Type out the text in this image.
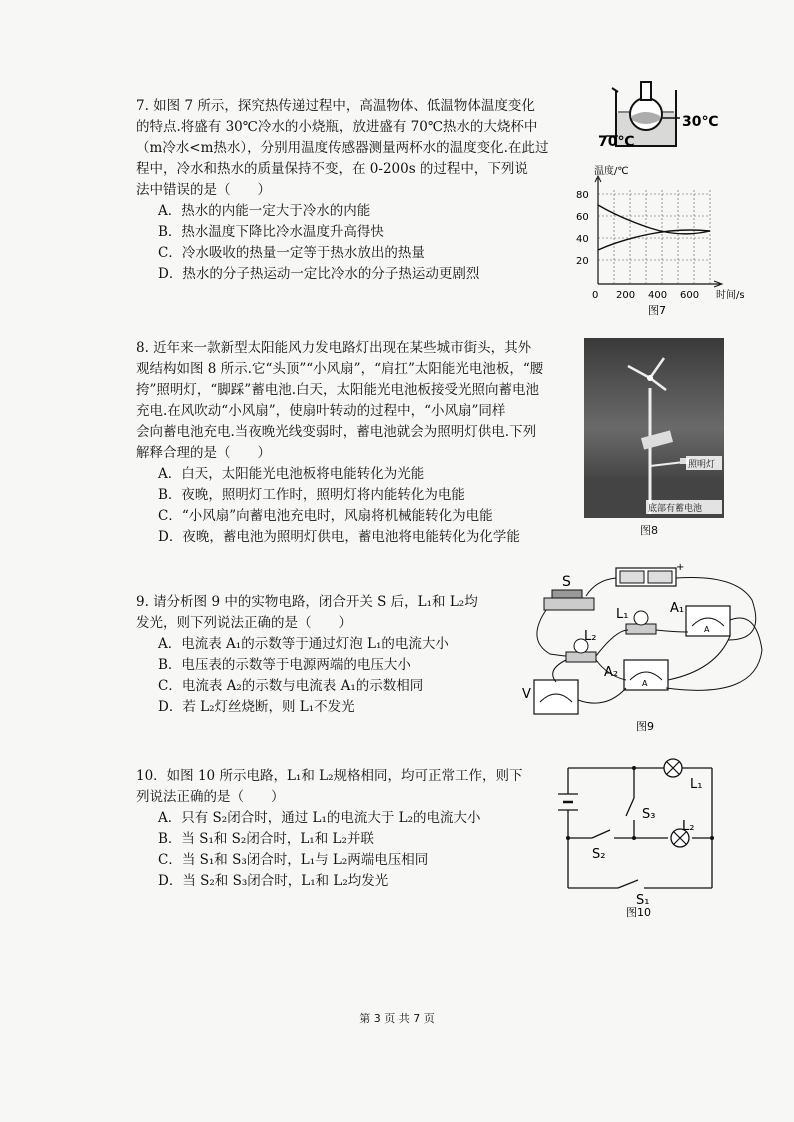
7. 如图 7 所示，探究热传递过程中，高温物体、低温物体温度变化
的特点.将盛有 30℃冷水的小烧瓶，放进盛有 70℃热水的大烧杯中
（m冷水<m热水），分别用温度传感器测量两杯水的温度变化.在此过
程中，冷水和热水的质量保持不变，在 0-200s 的过程中，下列说
法中错误的是（　　）
A．热水的内能一定大于冷水的内能
B．热水温度下降比冷水温度升高得快
C．冷水吸收的热量一定等于热水放出的热量
D．热水的分子热运动一定比冷水的分子热运动更剧烈
70℃
30℃
温度/℃
80
60
40
20
0 200 400 600 时间/s
图7
8. 近年来一款新型太阳能风力发电路灯出现在某些城市街头，其外
观结构如图 8 所示.它“头顶”“小风扇”，“肩扛”太阳能光电池板，“腰
挎”照明灯，“脚踩”蓄电池.白天，太阳能光电池板接受光照向蓄电池
充电.在风吹动“小风扇”，使扇叶转动的过程中，“小风扇”同样
会向蓄电池充电.当夜晚光线变弱时，蓄电池就会为照明灯供电.下列
解释合理的是（　　）
A．白天，太阳能光电池板将电能转化为光能
B．夜晚，照明灯工作时，照明灯将内能转化为电能
C．“小风扇”向蓄电池充电时，风扇将机械能转化为电能
D．夜晚，蓄电池为照明灯供电，蓄电池将电能转化为化学能
照明灯
底部有蓄电池
图8
9. 请分析图 9 中的实物电路，闭合开关 S 后，L₁和 L₂均
发光，则下列说法正确的是（　　）
A．电流表 A₁的示数等于通过灯泡 L₁的电流大小
B．电压表的示数等于电源两端的电压大小
C．电流表 A₂的示数与电流表 A₁的示数相同
D．若 L₂灯丝烧断，则 L₁不发光
+
S
L₁
A
A₁
L₂
A
A₂
V
图9
10．如图 10 所示电路，L₁和 L₂规格相同，均可正常工作，则下
列说法正确的是（　　）
A．只有 S₂闭合时，通过 L₁的电流大于 L₂的电流大小
B．当 S₁和 S₂闭合时，L₁和 L₂并联
C．当 S₁和 S₃闭合时，L₁与 L₂两端电压相同
D．当 S₂和 S₃闭合时，L₁和 L₂均发光
L₁
L₂
S₃
S₂
S₁
图10
第 3 页 共 7 页
